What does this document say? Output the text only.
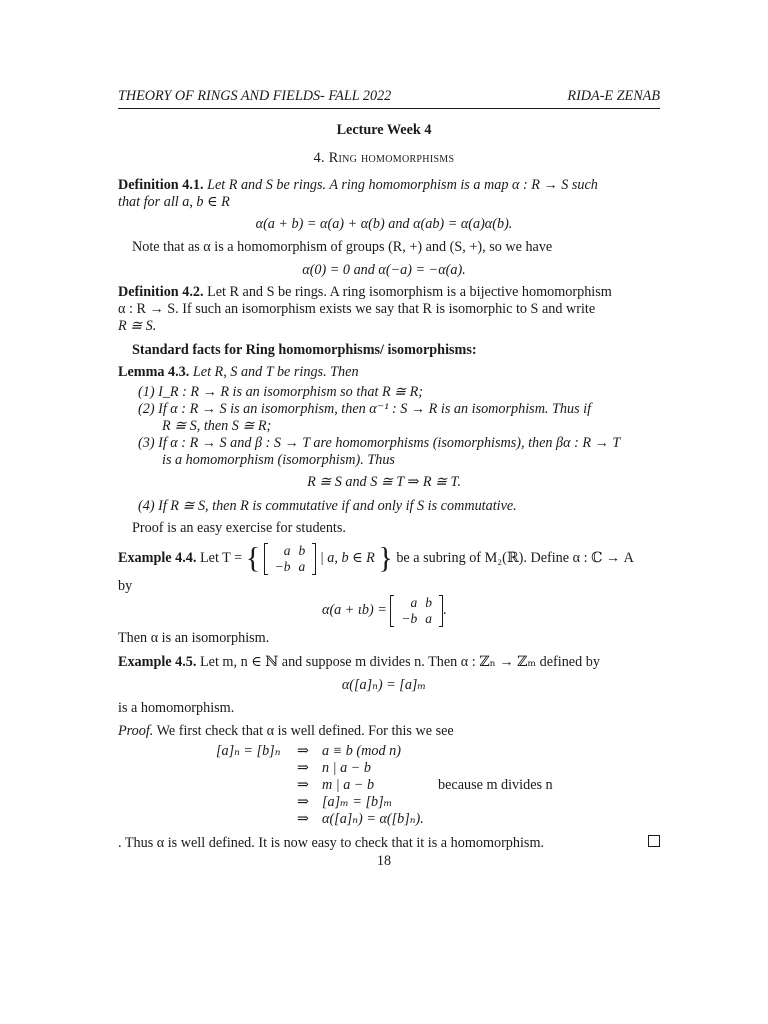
THEORY OF RINGS AND FIELDS- FALL 2022	RIDA-E ZENAB
Lecture Week 4
4. Ring homomorphisms
Definition 4.1. Let R and S be rings. A ring homomorphism is a map α : R → S such
that for all a, b ∈ R
α(a + b) = α(a) + α(b) and α(ab) = α(a)α(b).
Note that as α is a homomorphism of groups (R, +) and (S, +), so we have
α(0) = 0 and α(−a) = −α(a).
Definition 4.2. Let R and S be rings. A ring isomorphism is a bijective homomorphism
α : R → S. If such an isomorphism exists we say that R is isomorphic to S and write
R ≅ S.
Standard facts for Ring homomorphisms/ isomorphisms:
Lemma 4.3. Let R, S and T be rings. Then
(1) I_R : R → R is an isomorphism so that R ≅ R;
(2) If α : R → S is an isomorphism, then α⁻¹ : S → R is an isomorphism. Thus if
R ≅ S, then S ≅ R;
(3) If α : R → S and β : S → T are homomorphisms (isomorphisms), then βα : R → T
is a homomorphism (isomorphism). Thus
R ≅ S and S ≅ T ⇒ R ≅ T.
(4) If R ≅ S, then R is commutative if and only if S is commutative.
Proof is an easy exercise for students.
Example 4.4. Let T = { a	b
−b	a
| a, b ∈ R } be a subring of M₂(ℝ). Define α : ℂ → A
by
α(a + ιb) = a	b
−b	a
.
Then α is an isomorphism.
Example 4.5. Let m, n ∈ ℕ and suppose m divides n. Then α : ℤₙ → ℤₘ defined by
α([a]ₙ) = [a]ₘ
is a homomorphism.
Proof. We first check that α is well defined. For this we see
[a]ₙ = [b]ₙ	⇒	a ≡ b (mod n)	
	⇒	n | a − b	
	⇒	m | a − b	because m divides n
	⇒	[a]ₘ = [b]ₘ	
	⇒	α([a]ₙ) = α([b]ₙ).	
. Thus α is well defined. It is now easy to check that it is a homomorphism.
18
